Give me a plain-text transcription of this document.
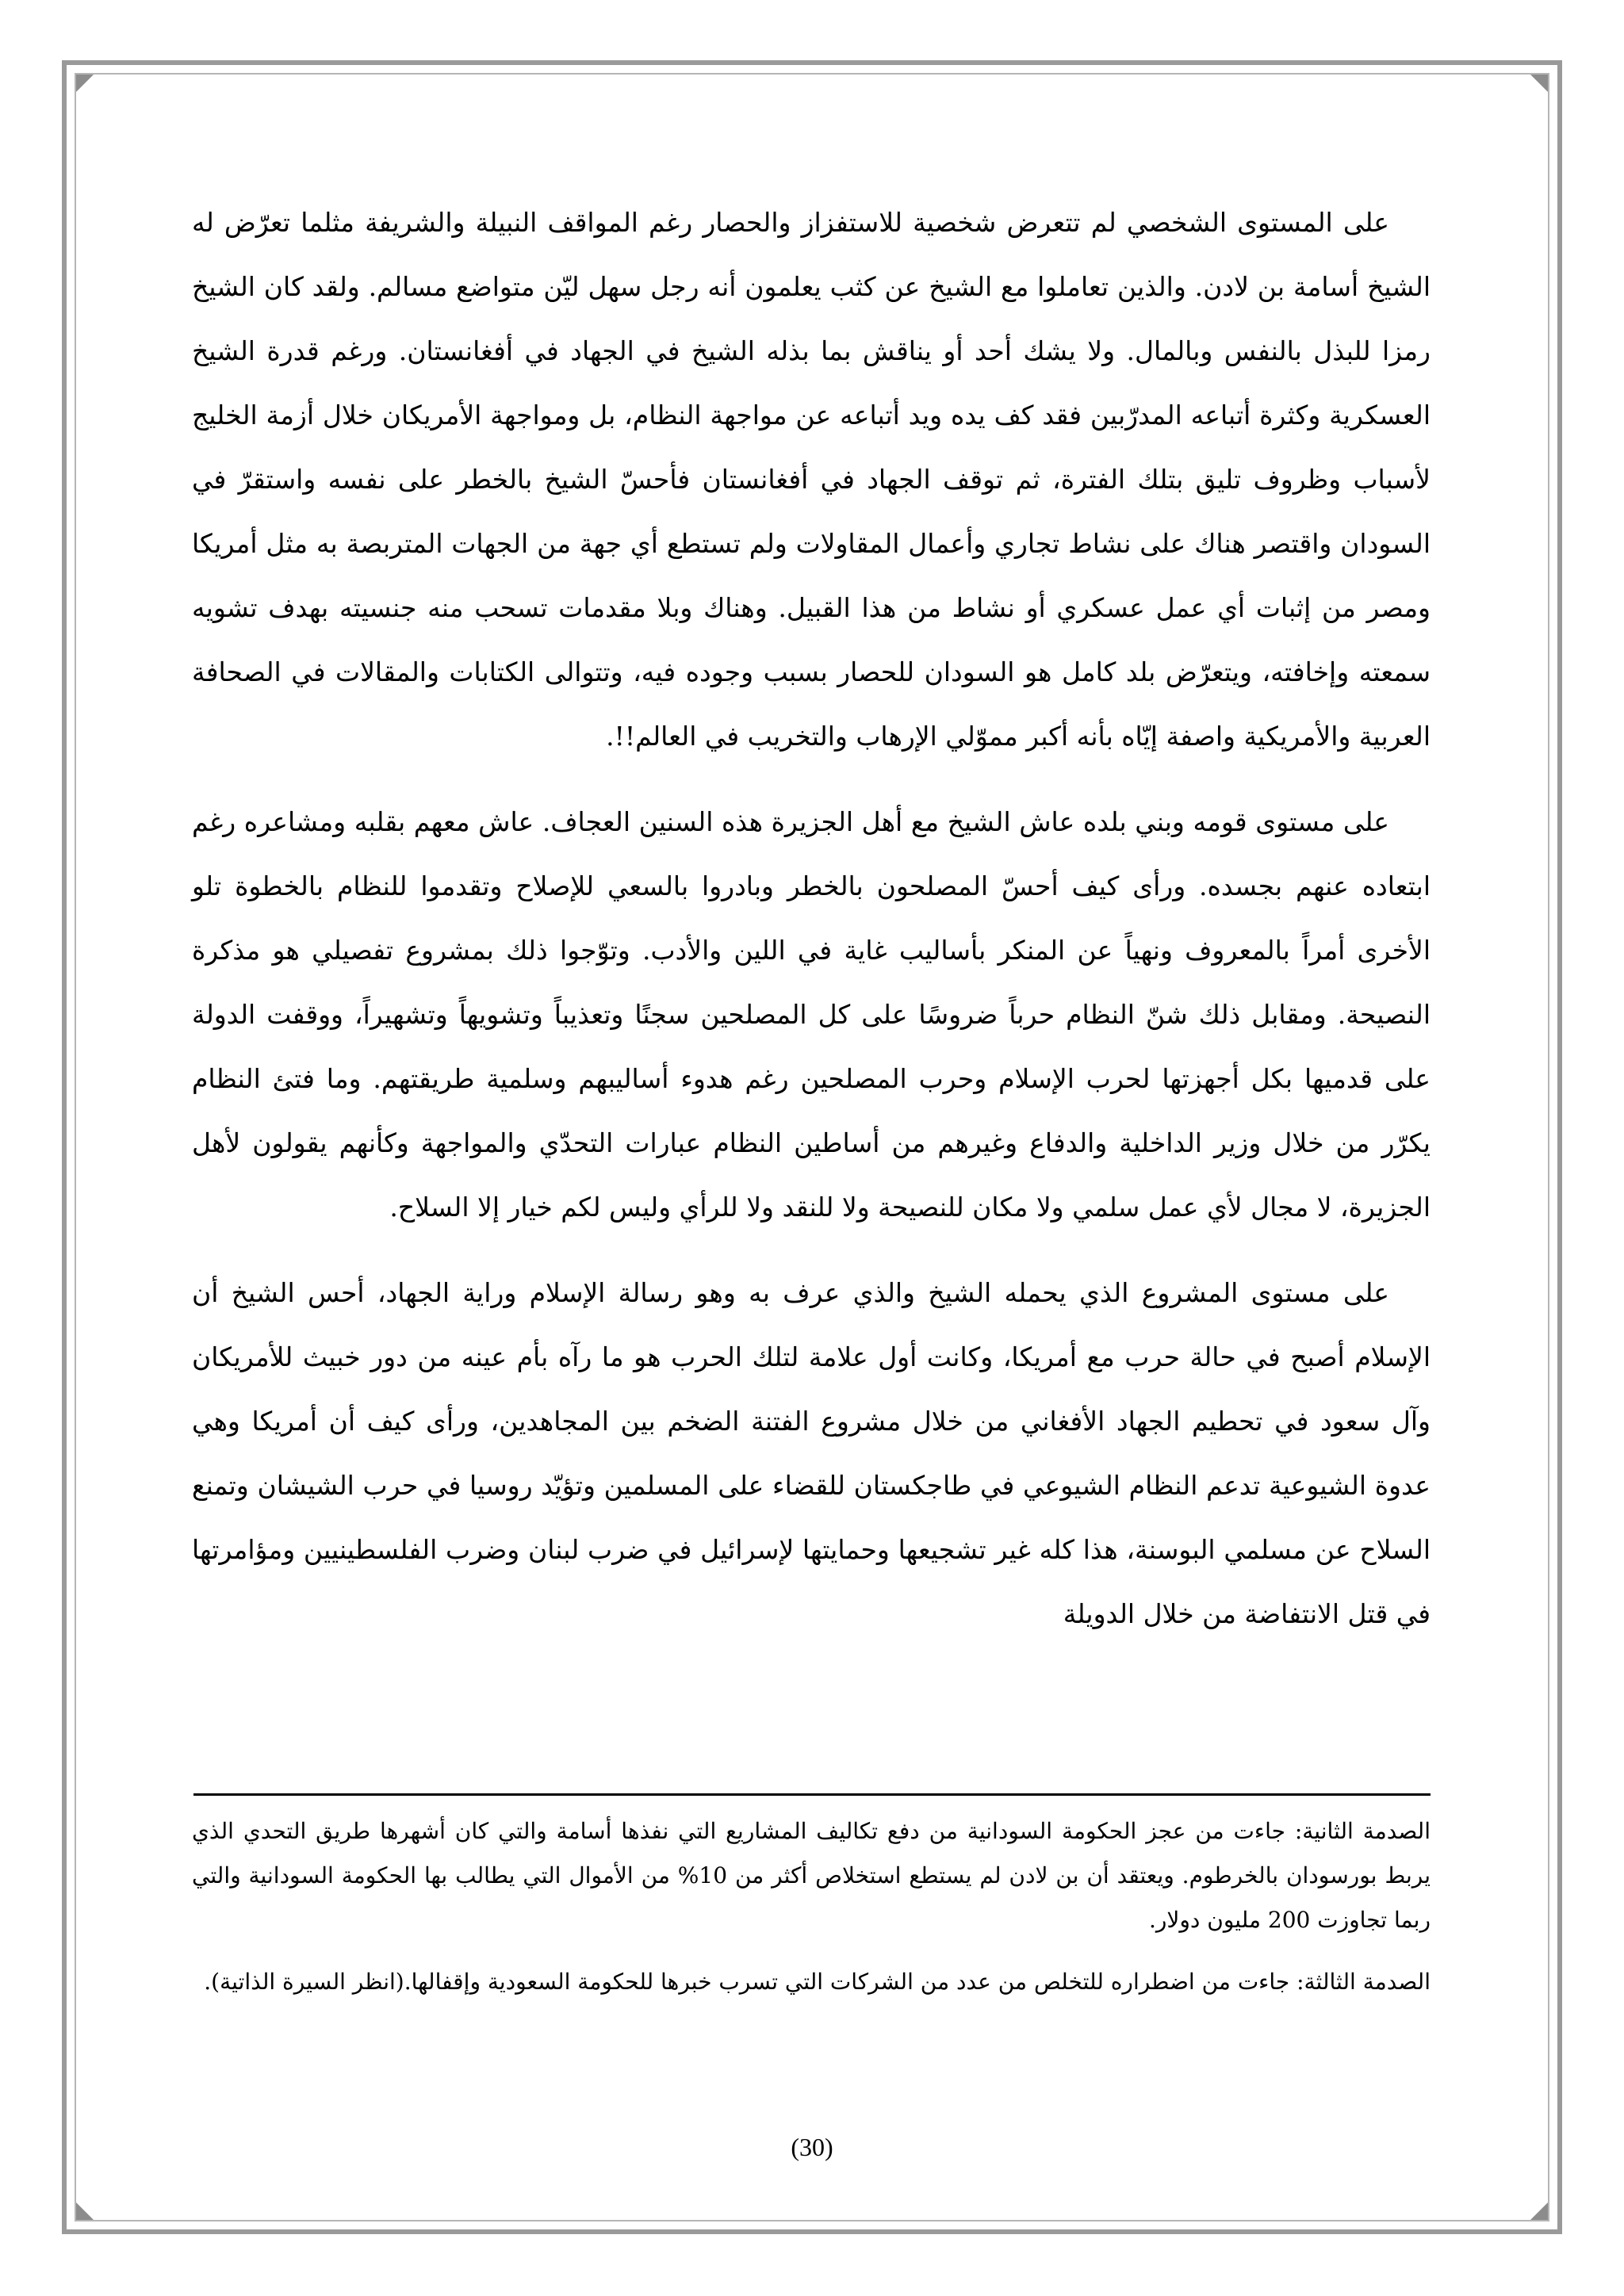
على المستوى الشخصي لم تتعرض شخصية للاستفزاز والحصار رغم المواقف النبيلة والشريفة مثلما تعرّض له الشيخ أسامة بن لادن. والذين تعاملوا مع الشيخ عن كثب يعلمون أنه رجل سهل ليّن متواضع مسالم. ولقد كان الشيخ رمزا للبذل بالنفس وبالمال. ولا يشك أحد أو يناقش بما بذله الشيخ في الجهاد في أفغانستان. ورغم قدرة الشيخ العسكرية وكثرة أتباعه المدرّبين فقد كف يده ويد أتباعه عن مواجهة النظام، بل ومواجهة الأمريكان خلال أزمة الخليج لأسباب وظروف تليق بتلك الفترة، ثم توقف الجهاد في أفغانستان فأحسّ الشيخ بالخطر على نفسه واستقرّ في السودان واقتصر هناك على نشاط تجاري وأعمال المقاولات ولم تستطع أي جهة من الجهات المتربصة به مثل أمريكا ومصر من إثبات أي عمل عسكري أو نشاط من هذا القبيل. وهناك وبلا مقدمات تسحب منه جنسيته بهدف تشويه سمعته وإخافته، ويتعرّض بلد كامل هو السودان للحصار بسبب وجوده فيه، وتتوالى الكتابات والمقالات في الصحافة العربية والأمريكية واصفة إيّاه بأنه أكبر مموّلي الإرهاب والتخريب في العالم!!.

على مستوى قومه وبني بلده عاش الشيخ مع أهل الجزيرة هذه السنين العجاف. عاش معهم بقلبه ومشاعره رغم ابتعاده عنهم بجسده. ورأى كيف أحسّ المصلحون بالخطر وبادروا بالسعي للإصلاح وتقدموا للنظام بالخطوة تلو الأخرى أمراً بالمعروف ونهياً عن المنكر بأساليب غاية في اللين والأدب. وتوّجوا ذلك بمشروع تفصيلي هو مذكرة النصيحة. ومقابل ذلك شنّ النظام حرباً ضروسًا على كل المصلحين سجنًا وتعذيباً وتشويهاً وتشهيراً، ووقفت الدولة على قدميها بكل أجهزتها لحرب الإسلام وحرب المصلحين رغم هدوء أساليبهم وسلمية طريقتهم. وما فتئ النظام يكرّر من خلال وزير الداخلية والدفاع وغيرهم من أساطين النظام عبارات التحدّي والمواجهة وكأنهم يقولون لأهل الجزيرة، لا مجال لأي عمل سلمي ولا مكان للنصيحة ولا للنقد ولا للرأي وليس لكم خيار إلا السلاح.

على مستوى المشروع الذي يحمله الشيخ والذي عرف به وهو رسالة الإسلام وراية الجهاد، أحس الشيخ أن الإسلام أصبح في حالة حرب مع أمريكا، وكانت أول علامة لتلك الحرب هو ما رآه بأم عينه من دور خبيث للأمريكان وآل سعود في تحطيم الجهاد الأفغاني من خلال مشروع الفتنة الضخم بين المجاهدين، ورأى كيف أن أمريكا وهي عدوة الشيوعية تدعم النظام الشيوعي في طاجكستان للقضاء على المسلمين وتؤيّد روسيا في حرب الشيشان وتمنع السلاح عن مسلمي البوسنة، هذا كله غير تشجيعها وحمايتها لإسرائيل في ضرب لبنان وضرب الفلسطينيين ومؤامرتها في قتل الانتفاضة من خلال الدويلة

الصدمة الثانية: جاءت من عجز الحكومة السودانية من دفع تكاليف المشاريع التي نفذها أسامة والتي كان أشهرها طريق التحدي الذي يربط بورسودان بالخرطوم. ويعتقد أن بن لادن لم يستطع استخلاص أكثر من 10% من الأموال التي يطالب بها الحكومة السودانية والتي ربما تجاوزت 200 مليون دولار.

الصدمة الثالثة: جاءت من اضطراره للتخلص من عدد من الشركات التي تسرب خبرها للحكومة السعودية وإقفالها.(انظر السيرة الذاتية).

(30)
